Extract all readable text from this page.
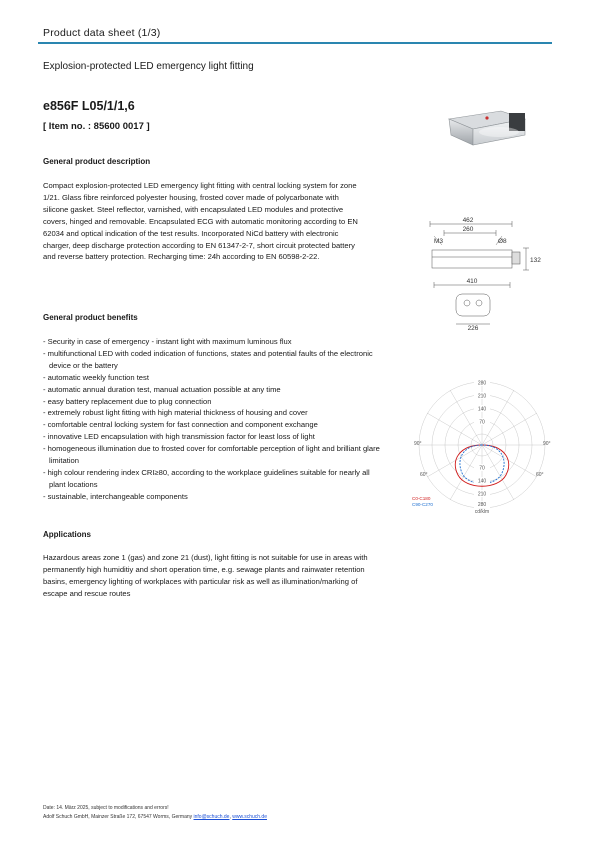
Product data sheet (1/3)
Explosion-protected LED emergency light fitting
e856F L05/1/1,6
[ Item no. : 85600 0017 ]
462
260
M3	Ø8
132
410
226
280
210
140
70
70
140
210
280
cd/klm
90°
60°
90°
60°
C0-C180
C90-C270
General product description
Compact explosion-protected LED emergency light fitting with central locking system for zone 1/21. Glass fibre reinforced polyester housing, frosted cover made of polycarbonate with silicone gasket. Steel reflector, varnished, with encapsulated LED modules and protective covers, hinged and removable. Encapsulated ECG with automatic monitoring according to EN 62034 and optical indication of the test results. Incorporated NiCd battery with electronic charger, deep discharge protection according to EN 61347-2-7, short circuit protected battery and reverse battery protection. Recharging time: 24h according to EN 60598-2-22.
General product benefits
- Security in case of emergency - instant light with maximum luminous flux
- multifunctional LED with coded indication of functions, states and potential faults of the electronic device or the battery
- automatic weekly function test
- automatic annual duration test, manual actuation possible at any time
- easy battery replacement due to plug connection
- extremely robust light fitting with high material thickness of housing and cover
- comfortable central locking system for fast connection and component exchange
- innovative LED encapsulation with high transmission factor for least loss of light
- homogeneous illumination due to frosted cover for comfortable perception of light and brilliant glare limitation
- high colour rendering index CRI≥80, according to the workplace guidelines suitable for nearly all plant locations
- sustainable, interchangeable components
Applications
Hazardous areas zone 1 (gas) and zone 21 (dust), light fitting is not suitable for use in areas with permanently high humiditiy and short operation time, e.g. sewage plants and rainwater retention basins, emergency lighting of workplaces with particular risk as well as illumination/marking of escape and rescue routes
Date: 14. März 2025, subject to modifications and errors!
Adolf Schuch GmbH, Mainzer Straße 172, 67547 Worms, Germany info@schuch.de, www.schuch.de
